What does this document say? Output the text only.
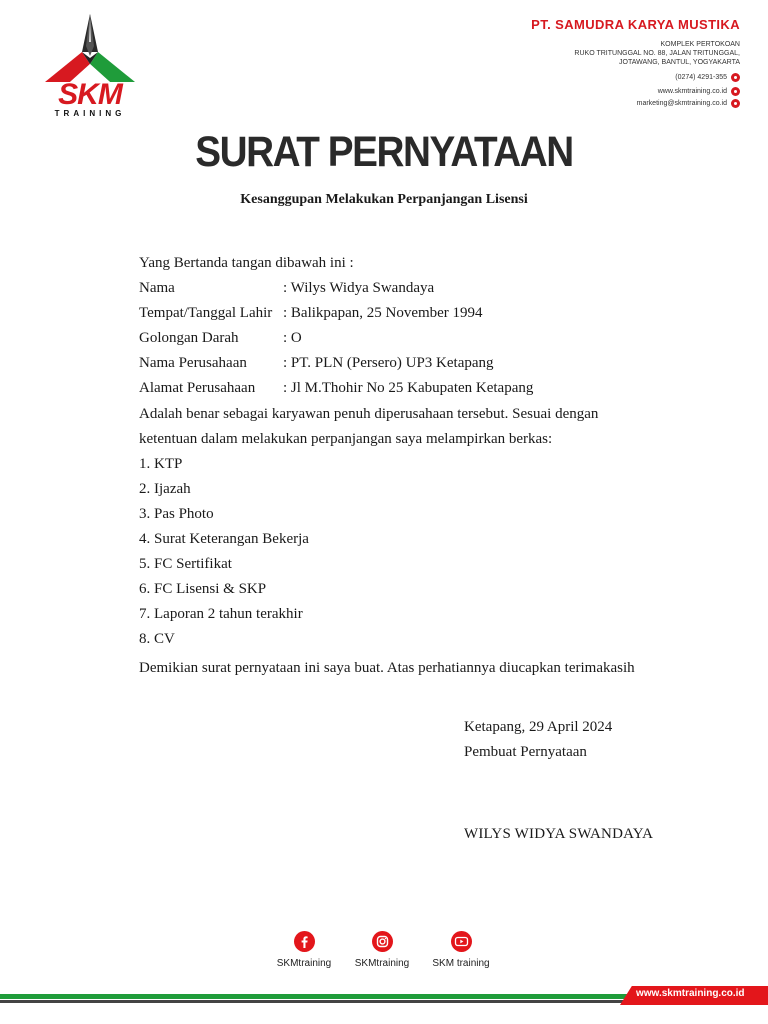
SKM
TRAINING
PT. SAMUDRA KARYA MUSTIKA
KOMPLEK PERTOKOAN
RUKO TRITUNGGAL NO. 88, JALAN TRITUNGGAL,
JOTAWANG, BANTUL, YOGYAKARTA
(0274) 4291-355
www.skmtraining.co.id
marketing@skmtraining.co.id
SURAT PERNYATAAN
Kesanggupan Melakukan Perpanjangan Lisensi
Yang Bertanda tangan dibawah ini :
Nama	: Wilys Widya Swandaya
Tempat/Tanggal Lahir : Balikpapan, 25 November 1994
Golongan Darah	: O
Nama Perusahaan	: PT. PLN (Persero) UP3 Ketapang
Alamat Perusahaan	: Jl M.Thohir No 25 Kabupaten Ketapang
Adalah benar sebagai karyawan penuh diperusahaan tersebut. Sesuai dengan
ketentuan dalam melakukan perpanjangan saya melampirkan berkas:
1. KTP
2. Ijazah
3. Pas Photo
4. Surat Keterangan Bekerja
5. FC Sertifikat
6. FC Lisensi & SKP
7. Laporan 2 tahun terakhir
8. CV
Demikian surat pernyataan ini saya buat. Atas perhatiannya diucapkan terimakasih
Ketapang, 29 April 2024
Pembuat Pernyataan
WILYS WIDYA SWANDAYA
SKMtraining	SKMtraining	SKM training
www.skmtraining.co.id
